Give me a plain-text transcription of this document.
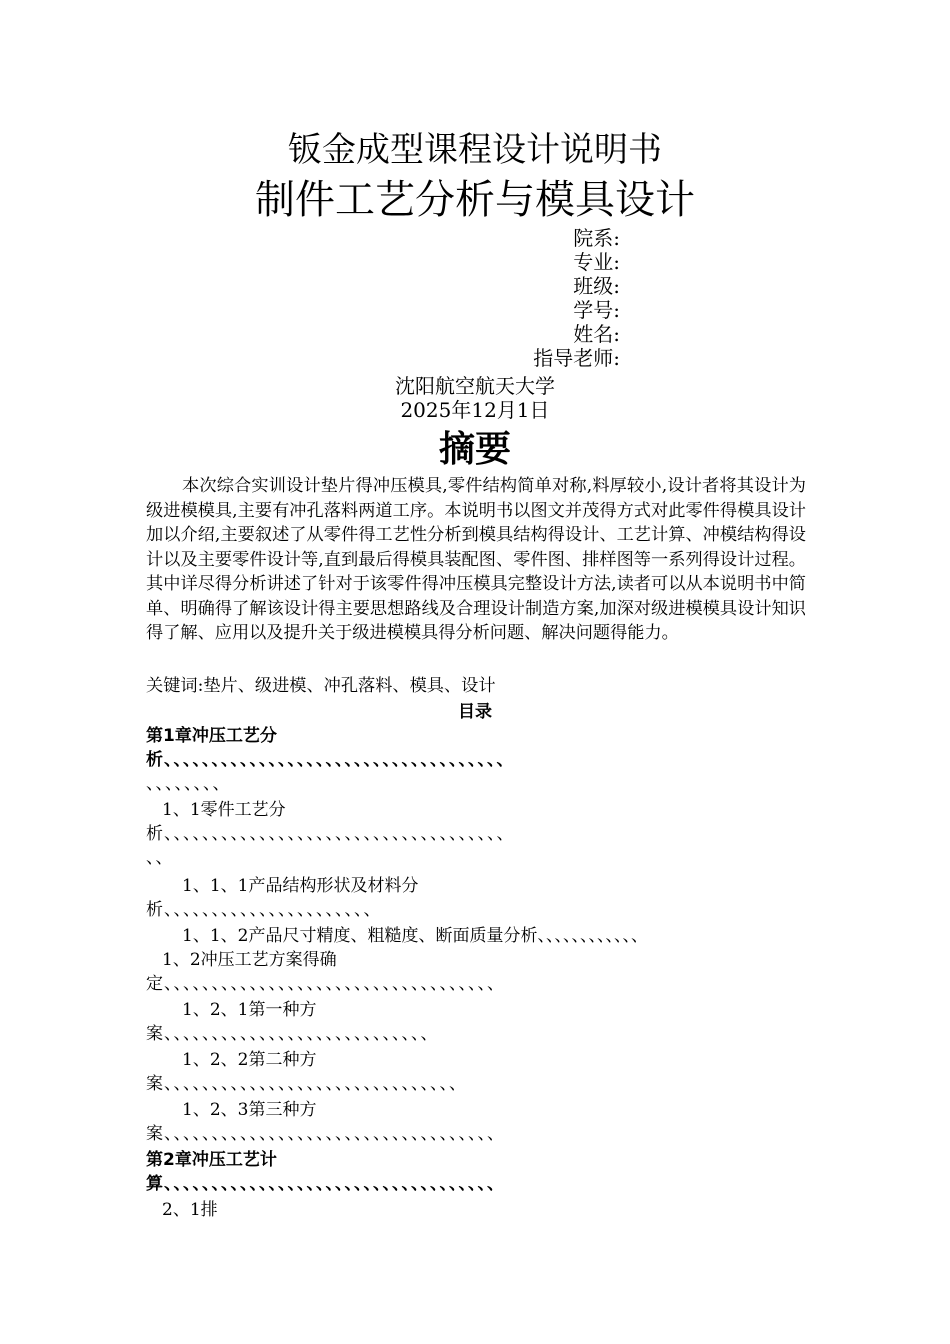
钣金成型课程设计说明书
制件工艺分析与模具设计
院系:
专业:
班级:
学号:
姓名:
指导老师:
沈阳航空航天大学
2025年12月1日
摘要
本次综合实训设计垫片得冲压模具,零件结构简单对称,料厚较小,设计者将其设计为级进模模具,主要有冲孔落料两道工序。本说明书以图文并茂得方式对此零件得模具设计加以介绍,主要叙述了从零件得工艺性分析到模具结构得设计、工艺计算、冲模结构得设计以及主要零件设计等,直到最后得模具装配图、零件图、排样图等一系列得设计过程。其中详尽得分析讲述了针对于该零件得冲压模具完整设计方法,读者可以从本说明书中简单、明确得了解该设计得主要思想路线及合理设计制造方案,加深对级进模模具设计知识得了解、应用以及提升关于级进模模具得分析问题、解决问题得能力。
关键词:垫片、级进模、冲孔落料、模具、设计
目录
第1章冲压工艺分
析、、、、、、、、、、、、、、、、、、、、、、、、、、、、、、、、、、、、
、、、、、、、、
1、1零件工艺分
析、、、、、、、、、、、、、、、、、、、、、、、、、、、、、、、、、、、、
、、
1、1、1产品结构形状及材料分
析、、、、、、、、、、、、、、、、、、、、、、
1、1、2产品尺寸精度、粗糙度、断面质量分析、、、、、、、、、、、、
1、2冲压工艺方案得确
定、、、、、、、、、、、、、、、、、、、、、、、、、、、、、、、、、、、
1、2、1第一种方
案、、、、、、、、、、、、、、、、、、、、、、、、、、、、
1、2、2第二种方
案、、、、、、、、、、、、、、、、、、、、、、、、、、、、、、、
1、2、3第三种方
案、、、、、、、、、、、、、、、、、、、、、、、、、、、、、、、、、、、
第2章冲压工艺计
算、、、、、、、、、、、、、、、、、、、、、、、、、、、、、、、、、、、
2、1排
